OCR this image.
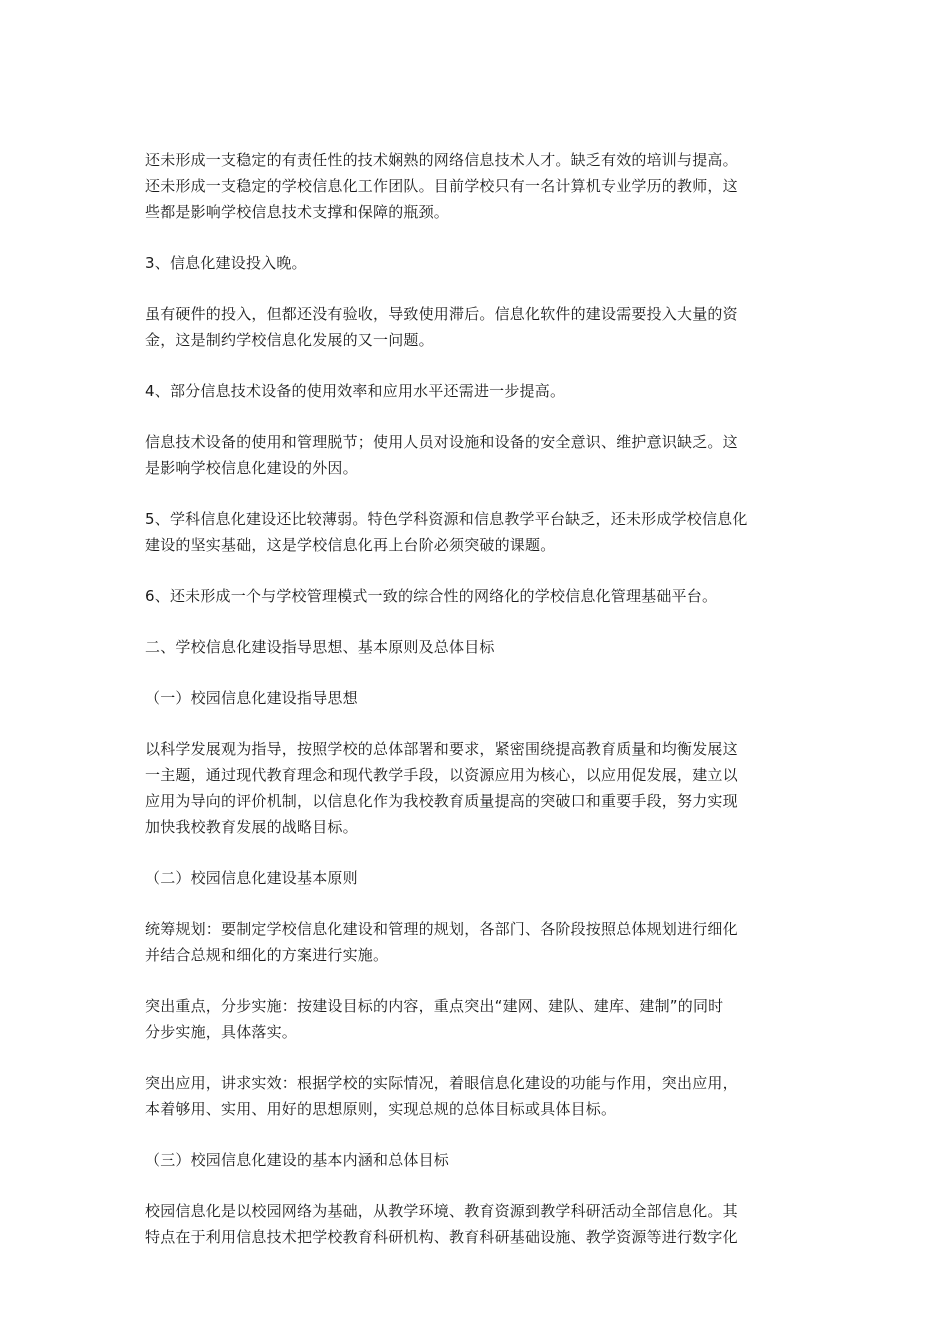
还未形成一支稳定的有责任性的技术娴熟的网络信息技术人才。缺乏有效的培训与提高。
还未形成一支稳定的学校信息化工作团队。目前学校只有一名计算机专业学历的教师，这
些都是影响学校信息技术支撑和保障的瓶颈。

3、信息化建设投入晚。

虽有硬件的投入，但都还没有验收，导致使用滞后。信息化软件的建设需要投入大量的资
金，这是制约学校信息化发展的又一问题。

4、部分信息技术设备的使用效率和应用水平还需进一步提高。

信息技术设备的使用和管理脱节；使用人员对设施和设备的安全意识、维护意识缺乏。这
是影响学校信息化建设的外因。

5、学科信息化建设还比较薄弱。特色学科资源和信息教学平台缺乏，还未形成学校信息化
建设的坚实基础，这是学校信息化再上台阶必须突破的课题。

6、还未形成一个与学校管理模式一致的综合性的网络化的学校信息化管理基础平台。

二、学校信息化建设指导思想、基本原则及总体目标

（一）校园信息化建设指导思想

以科学发展观为指导，按照学校的总体部署和要求，紧密围绕提高教育质量和均衡发展这
一主题，通过现代教育理念和现代教学手段，以资源应用为核心，以应用促发展，建立以
应用为导向的评价机制，以信息化作为我校教育质量提高的突破口和重要手段，努力实现
加快我校教育发展的战略目标。

（二）校园信息化建设基本原则

统筹规划：要制定学校信息化建设和管理的规划，各部门、各阶段按照总体规划进行细化
并结合总规和细化的方案进行实施。

突出重点，分步实施：按建设目标的内容，重点突出“建网、建队、建库、建制”的同时
分步实施，具体落实。

突出应用，讲求实效：根据学校的实际情况，着眼信息化建设的功能与作用，突出应用，
本着够用、实用、用好的思想原则，实现总规的总体目标或具体目标。

（三）校园信息化建设的基本内涵和总体目标

校园信息化是以校园网络为基础，从教学环境、教育资源到教学科研活动全部信息化。其
特点在于利用信息技术把学校教育科研机构、教育科研基础设施、教学资源等进行数字化
